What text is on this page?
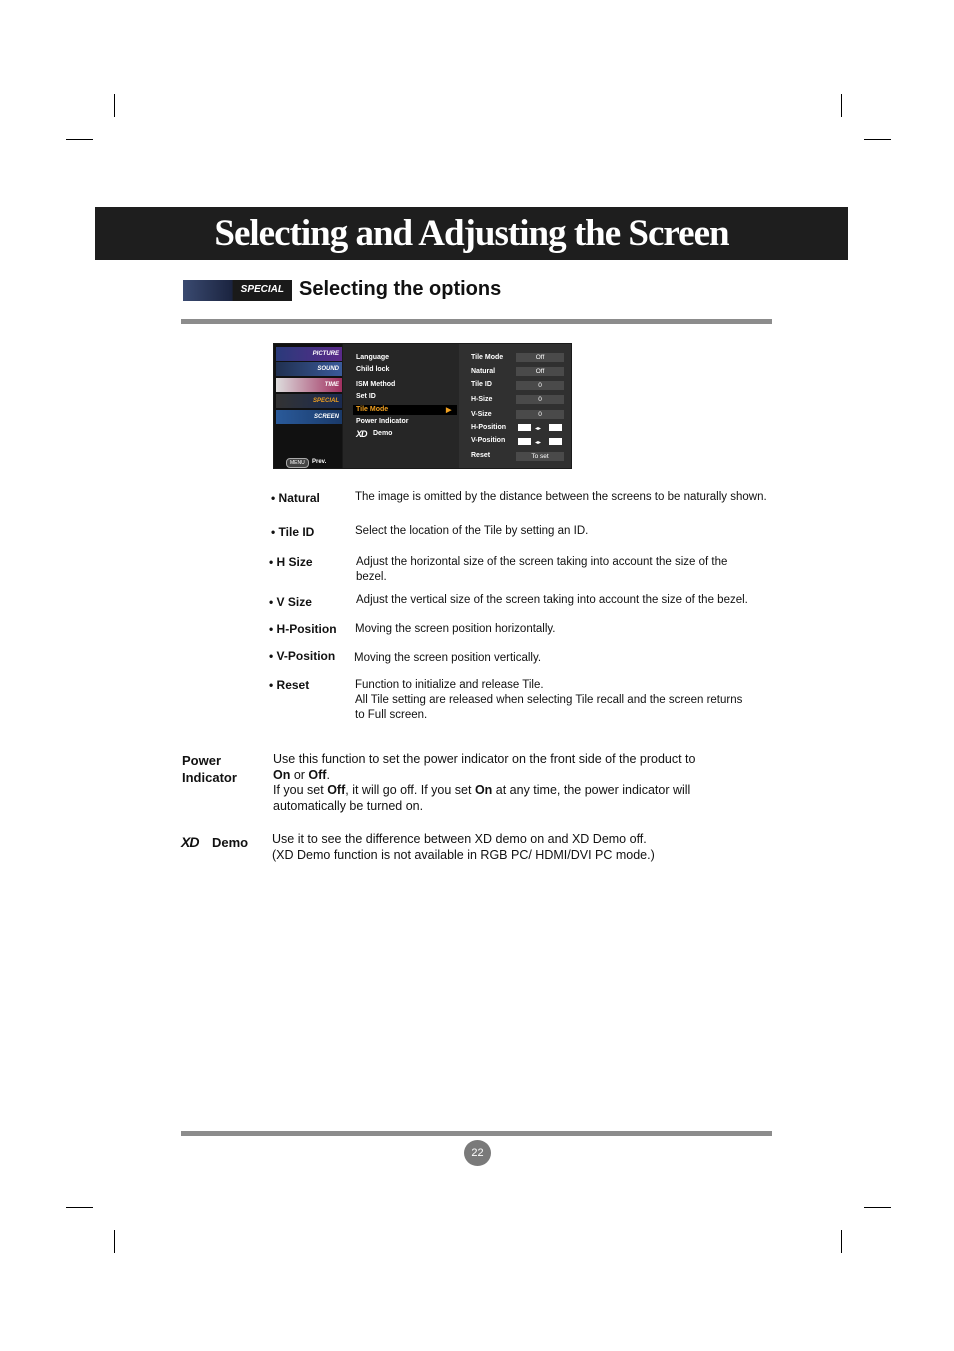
Selecting and Adjusting the Screen
SPECIAL Selecting the options
PICTURE
SOUND
TIME
SPECIAL
SCREEN
MENU	Prev.
Language
Child lock
ISM Method
Set ID
Tile Mode	▶
Power Indicator
XD Demo
Tile Mode	Off
Natural	Off
Tile ID	0
H-Size	0
V-Size	0
H-Position	◂▸
V-Position	◂▸
Reset	To set
• Natural	The image is omitted by the distance between the screens to be naturally shown.
• Tile ID	Select the location of the Tile by setting an ID.
• H Size	Adjust the horizontal size of the screen taking into account the size of the bezel.
• V Size	Adjust the vertical size of the screen taking into account the size of the bezel.
• H-Position Moving the screen position horizontally.
• V-Position Moving the screen position vertically.
• Reset	Function to initialize and release Tile.
All Tile setting are released when selecting Tile recall and the screen returns to Full screen.
Power
Indicator
Use this function to set the power indicator on the front side of the product to
On or Off.
If you set Off, it will go off. If you set On at any time, the power indicator will automatically be turned on.
XD Demo Use it to see the difference between XD demo on and XD Demo off.
(XD Demo function is not available in RGB PC/ HDMI/DVI PC mode.)
22
